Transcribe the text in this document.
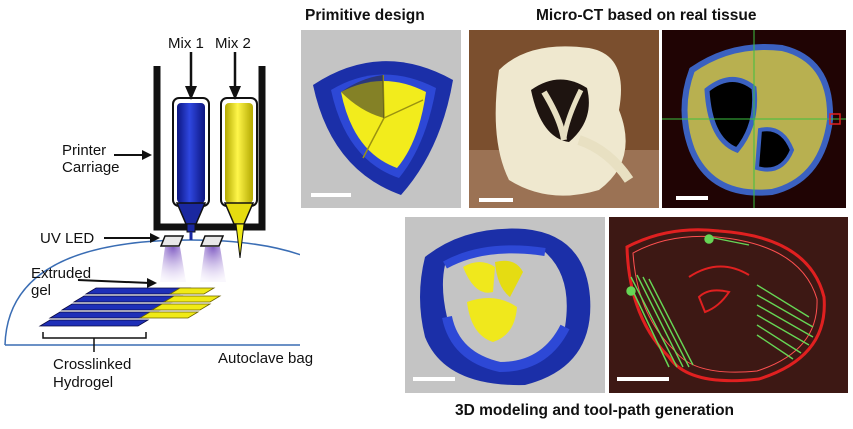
Mix 1 Mix 2
Printer
Carriage
UV LED
Extruded
gel
Crosslinked
Hydrogel
Autoclave bag
Primitive design	Micro-CT based on real tissue
3D modeling and tool-path generation
